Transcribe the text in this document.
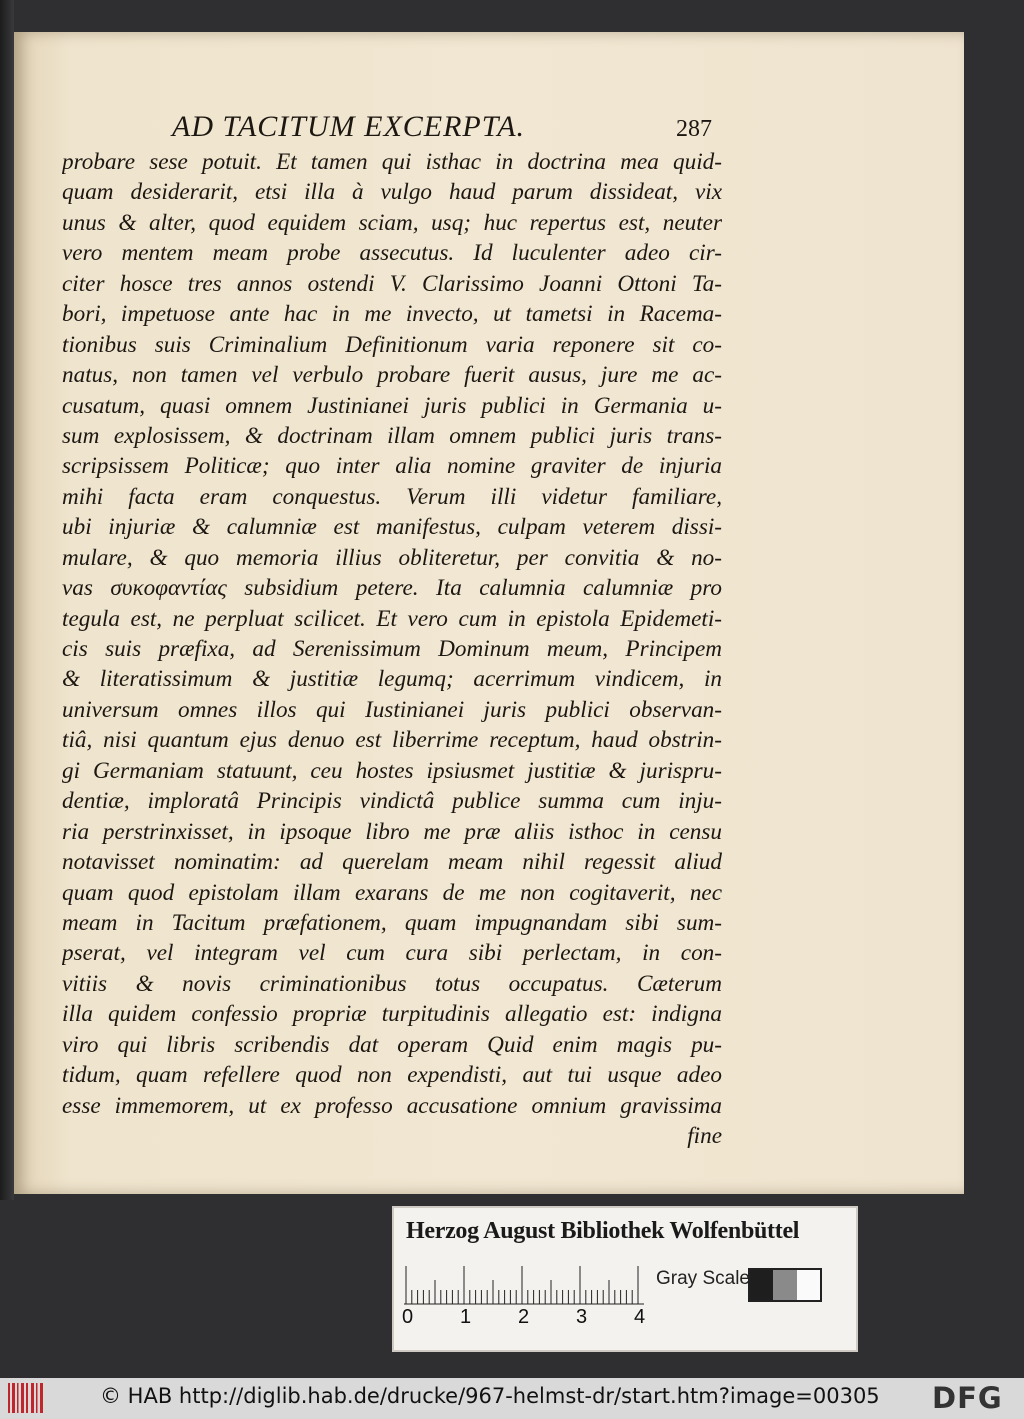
AD TACITUM EXCERPTA.	287
probare sese potuit. Et tamen qui isthac in doctrina mea quid-
quam desiderarit, etsi illa à vulgo haud parum dissideat, vix
unus & alter, quod equidem sciam, usq; huc repertus est, neuter
vero mentem meam probe assecutus. Id luculenter adeo cir-
citer hosce tres annos ostendi V. Clarissimo Joanni Ottoni Ta-
bori, impetuose ante hac in me invecto, ut tametsi in Racema-
tionibus suis Criminalium Definitionum varia reponere sit co-
natus, non tamen vel verbulo probare fuerit ausus, jure me ac-
cusatum, quasi omnem Justinianei juris publici in Germania u-
sum explosissem, & doctrinam illam omnem publici juris trans-
scripsissem Politicæ; quo inter alia nomine graviter de injuria
mihi facta eram conquestus. Verum illi videtur familiare,
ubi injuriæ & calumniæ est manifestus, culpam veterem dissi-
mulare, & quo memoria illius obliteretur, per convitia & no-
vas συκοφαντίας subsidium petere. Ita calumnia calumniæ pro
tegula est, ne perpluat scilicet. Et vero cum in epistola Epidemeti-
cis suis præfixa, ad Serenissimum Dominum meum, Principem
& literatissimum & justitiæ legumq; acerrimum vindicem, in
universum omnes illos qui Iustinianei juris publici observan-
tiâ, nisi quantum ejus denuo est liberrime receptum, haud obstrin-
gi Germaniam statuunt, ceu hostes ipsiusmet justitiæ & jurispru-
dentiæ, imploratâ Principis vindictâ publice summa cum inju-
ria perstrinxisset, in ipsoque libro me præ aliis isthoc in censu
notavisset nominatim: ad querelam meam nihil regessit aliud
quam quod epistolam illam exarans de me non cogitaverit, nec
meam in Tacitum præfationem, quam impugnandam sibi sum-
pserat, vel integram vel cum cura sibi perlectam, in con-
vitiis & novis criminationibus totus occupatus. Cæterum
illa quidem confessio propriæ turpitudinis allegatio est: indigna
viro qui libris scribendis dat operam Quid enim magis pu-
tidum, quam refellere quod non expendisti, aut tui usque adeo
esse immemorem, ut ex professo accusatione omnium gravissima
fine
Herzog August Bibliothek Wolfenbüttel
0 1 2 3 4
Gray Scale
© HAB http://diglib.hab.de/drucke/967-helmst-dr/start.htm?image=00305 DFG
